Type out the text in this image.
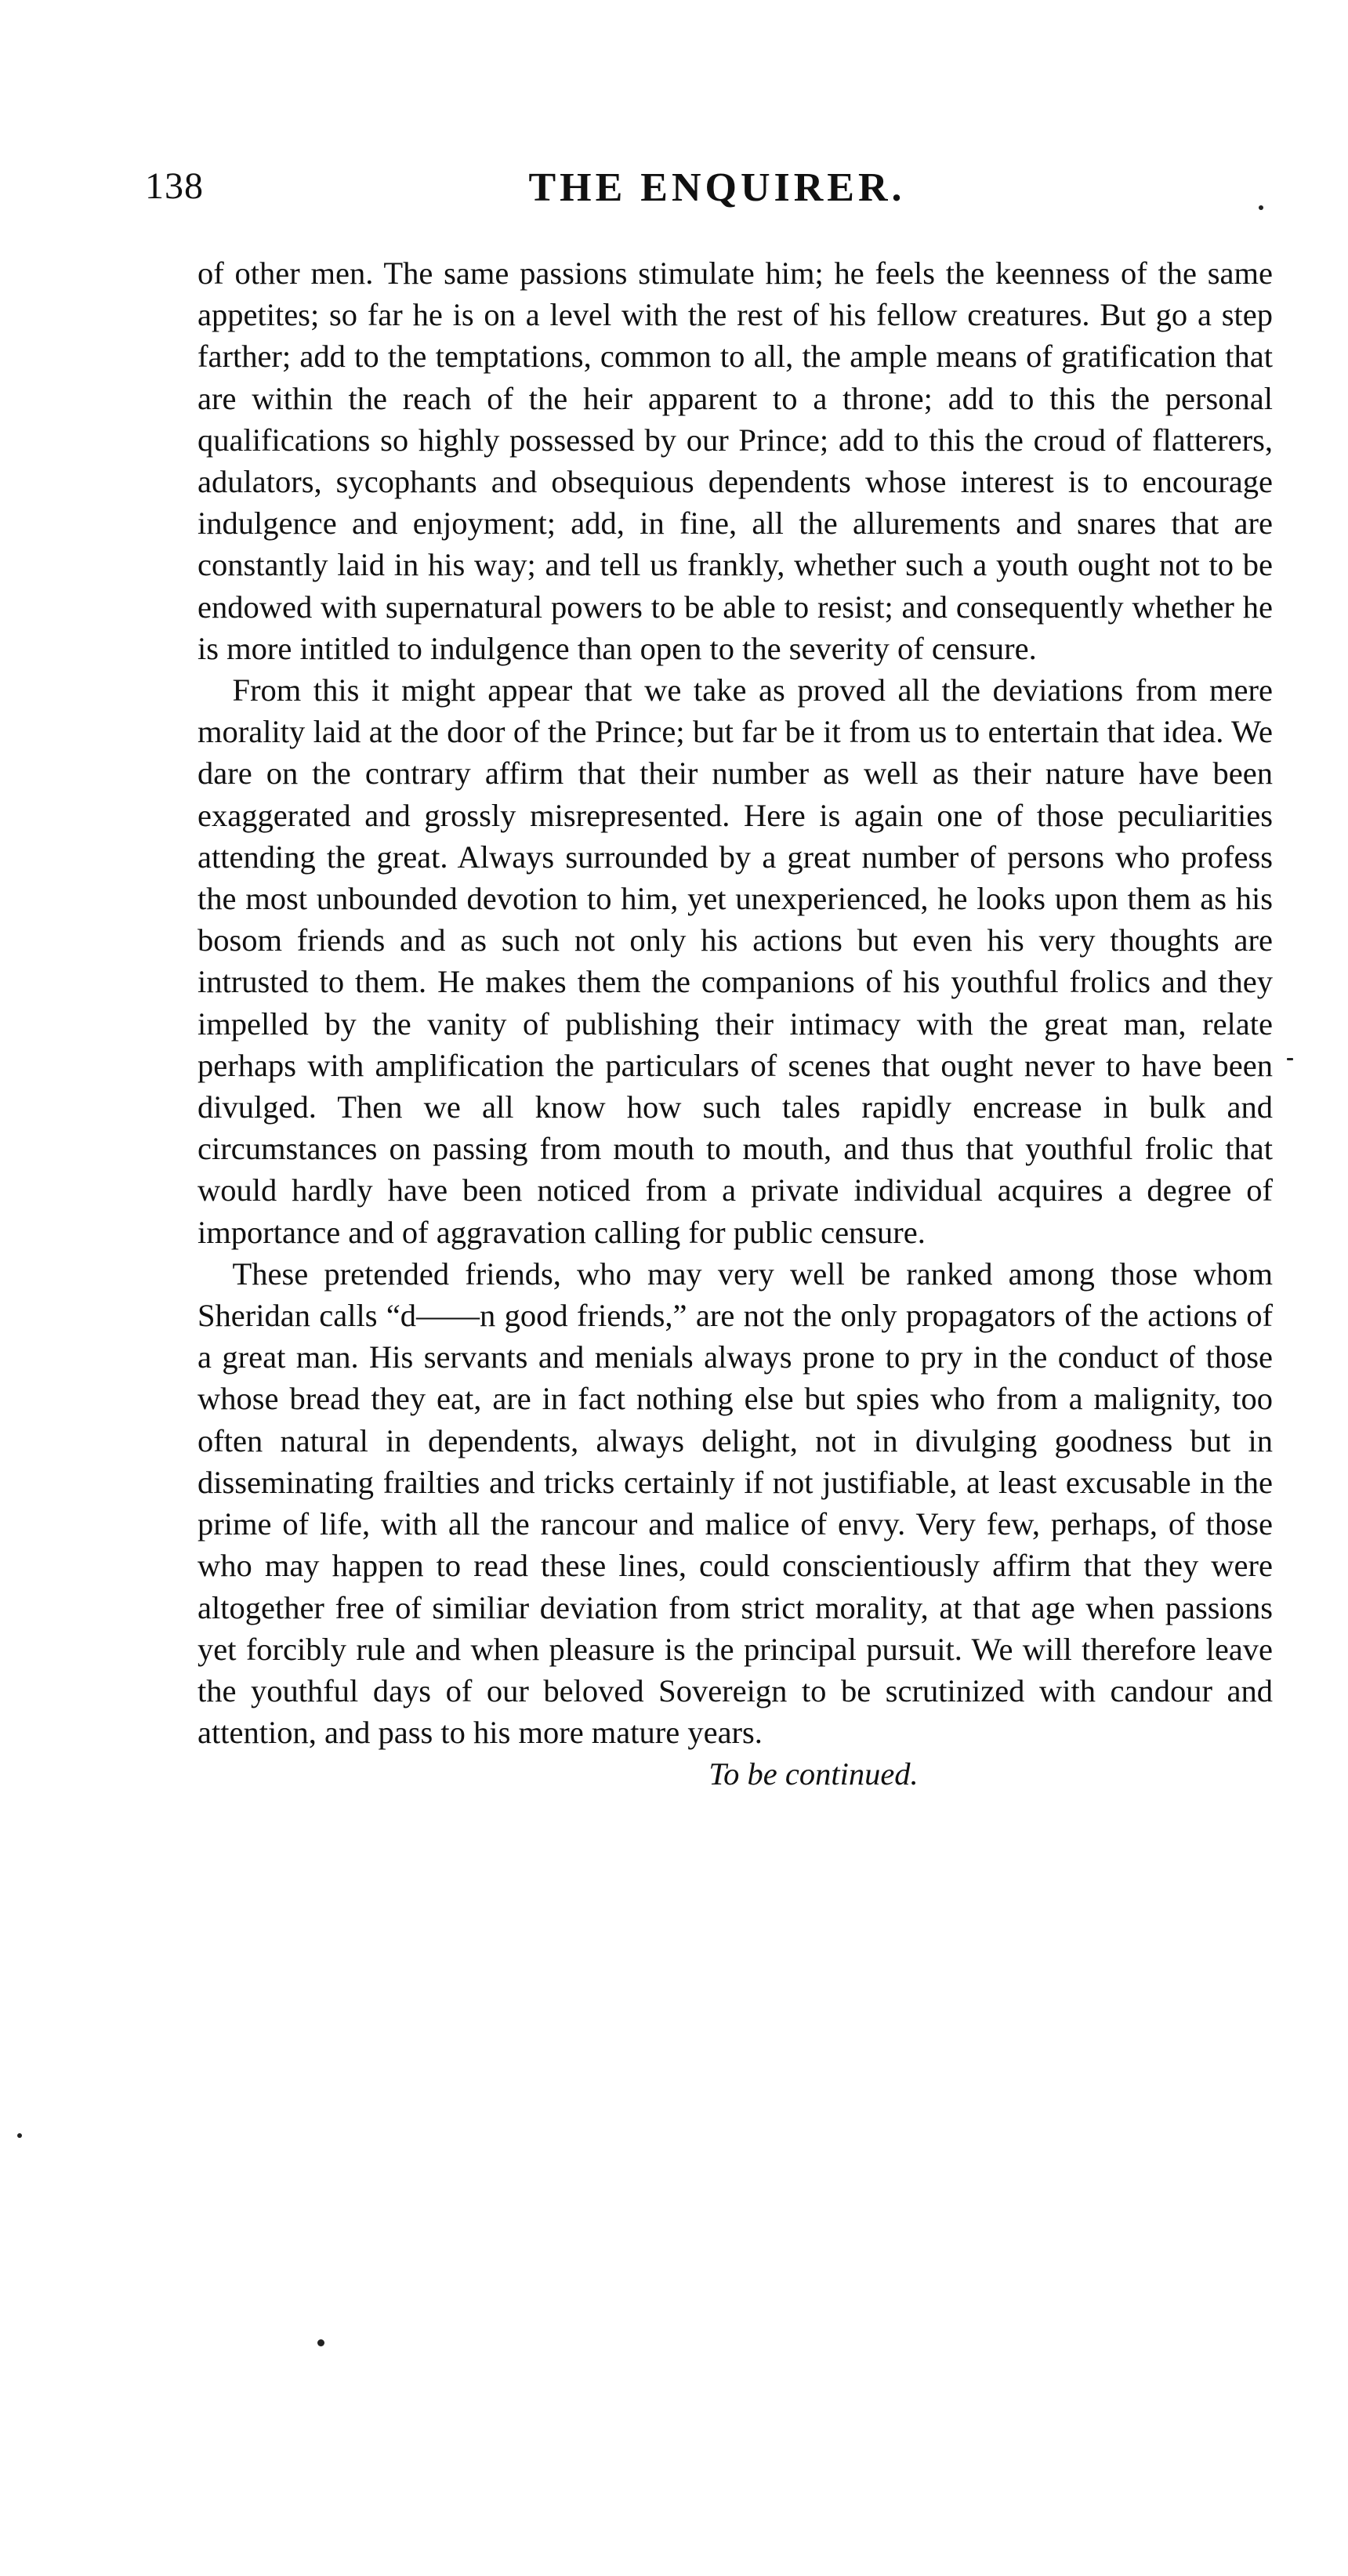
138	THE ENQUIRER.

of other men. The same passions stimulate him; he feels the keenness of the same appetites; so far he is on a level with the rest of his fellow creatures. But go a step farther; add to the temptations, common to all, the ample means of gratification that are within the reach of the heir apparent to a throne; add to this the personal qualifications so highly possessed by our Prince; add to this the croud of flatterers, adulators, sycophants and obsequious dependents whose interest is to encourage indulgence and enjoyment; add, in fine, all the allurements and snares that are constantly laid in his way; and tell us frankly, whether such a youth ought not to be endowed with supernatural powers to be able to resist; and consequently whether he is more intitled to indulgence than open to the severity of censure.

From this it might appear that we take as proved all the deviations from mere morality laid at the door of the Prince; but far be it from us to entertain that idea. We dare on the contrary affirm that their number as well as their nature have been exaggerated and grossly misrepresented. Here is again one of those peculiarities attending the great. Always surrounded by a great number of persons who profess the most unbounded devotion to him, yet unexperienced, he looks upon them as his bosom friends and as such not only his actions but even his very thoughts are intrusted to them. He makes them the companions of his youthful frolics and they impelled by the vanity of publishing their intimacy with the great man, relate perhaps with amplification the particulars of scenes that ought never to have been divulged. Then we all know how such tales rapidly encrease in bulk and circumstances on passing from mouth to mouth, and thus that youthful frolic that would hardly have been noticed from a private individual acquires a degree of importance and of aggravation calling for public censure.

These pretended friends, who may very well be ranked among those whom Sheridan calls “d——n good friends,” are not the only propagators of the actions of a great man. His servants and menials always prone to pry in the conduct of those whose bread they eat, are in fact nothing else but spies who from a malignity, too often natural in dependents, always delight, not in divulging goodness but in disseminating frailties and tricks certainly if not justifiable, at least excusable in the prime of life, with all the rancour and malice of envy. Very few, perhaps, of those who may happen to read these lines, could conscientiously affirm that they were altogether free of similiar deviation from strict morality, at that age when passions yet forcibly rule and when pleasure is the principal pursuit. We will therefore leave the youthful days of our beloved Sovereign to be scrutinized with candour and attention, and pass to his more mature years.

To be continued.
